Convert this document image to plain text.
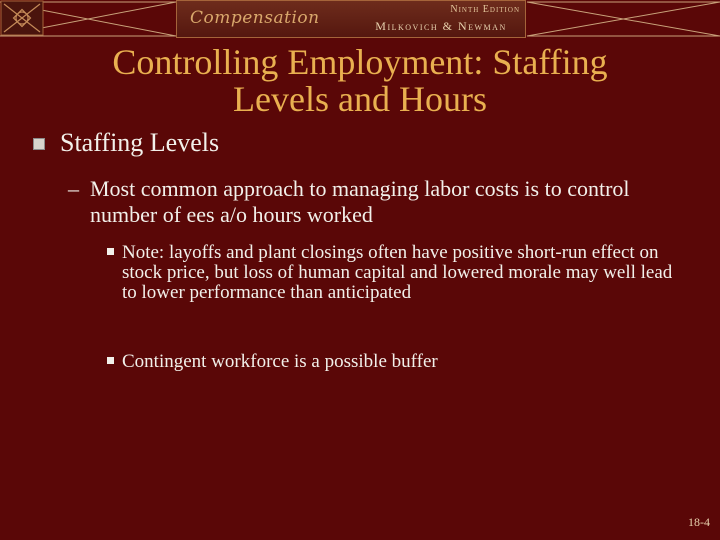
Compensation	Ninth Edition
Milkovich & Newman
Controlling Employment: Staffing
Levels and Hours
Staffing Levels
– Most common approach to managing labor costs is to control number of ees a/o hours worked
Note: layoffs and plant closings often have positive short-run effect on stock price, but loss of human capital and lowered morale may well lead to lower performance than anticipated
Contingent workforce is a possible buffer
18-4
